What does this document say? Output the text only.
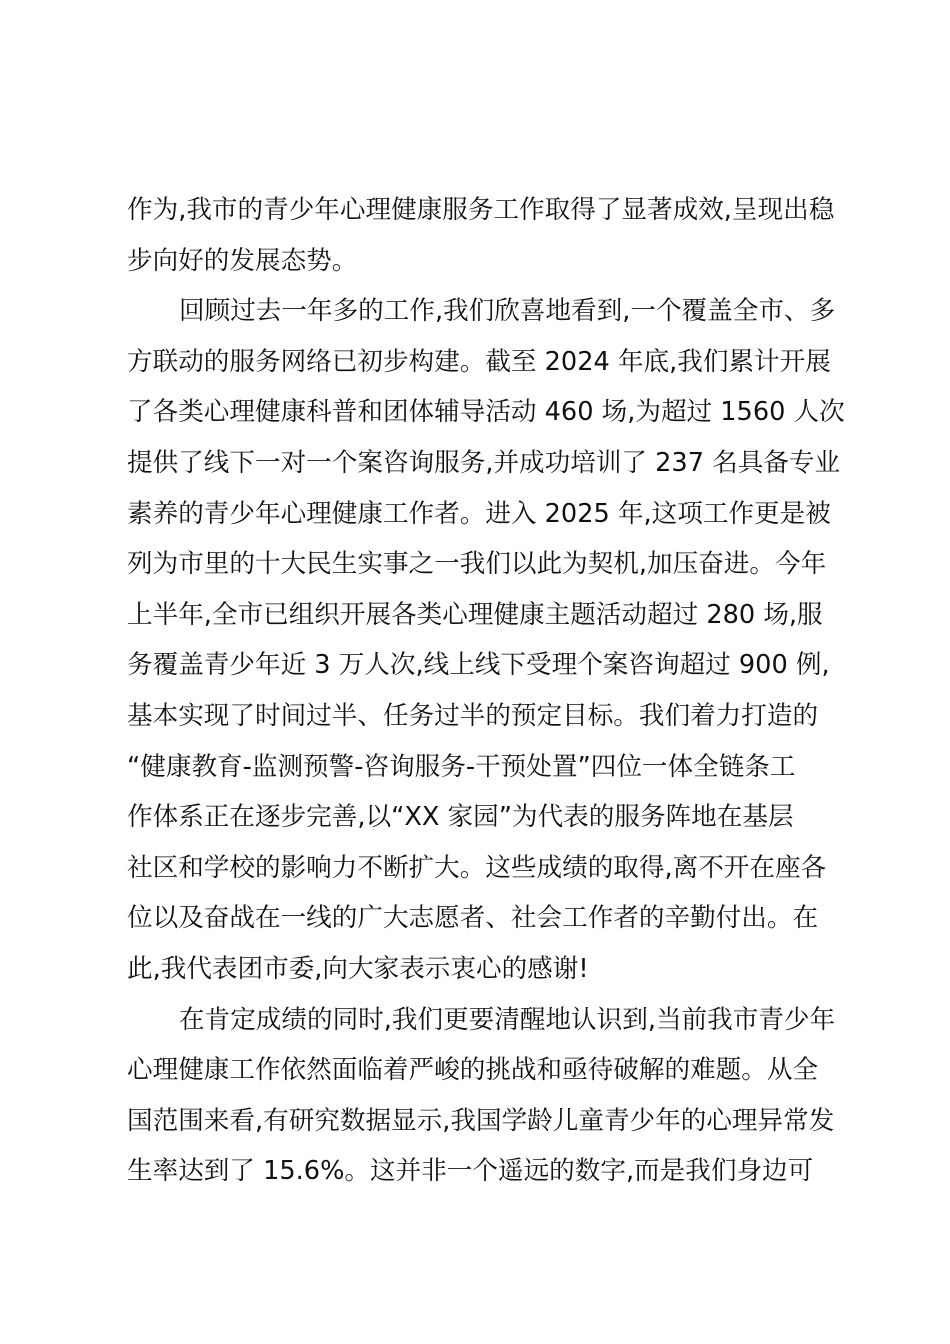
作为,我市的青少年心理健康服务工作取得了显著成效,呈现出稳
步向好的发展态势。
回顾过去一年多的工作,我们欣喜地看到,一个覆盖全市、多
方联动的服务网络已初步构建。截至 2024 年底,我们累计开展
了各类心理健康科普和团体辅导活动 460 场,为超过 1560 人次
提供了线下一对一个案咨询服务,并成功培训了 237 名具备专业
素养的青少年心理健康工作者。进入 2025 年,这项工作更是被
列为市里的十大民生实事之一我们以此为契机,加压奋进。今年
上半年,全市已组织开展各类心理健康主题活动超过 280 场,服
务覆盖青少年近 3 万人次,线上线下受理个案咨询超过 900 例,
基本实现了时间过半、任务过半的预定目标。我们着力打造的
“健康教育-监测预警-咨询服务-干预处置”四位一体全链条工
作体系正在逐步完善,以“XX 家园”为代表的服务阵地在基层
社区和学校的影响力不断扩大。这些成绩的取得,离不开在座各
位以及奋战在一线的广大志愿者、社会工作者的辛勤付出。在
此,我代表团市委,向大家表示衷心的感谢!
在肯定成绩的同时,我们更要清醒地认识到,当前我市青少年
心理健康工作依然面临着严峻的挑战和亟待破解的难题。从全
国范围来看,有研究数据显示,我国学龄儿童青少年的心理异常发
生率达到了 15.6%。这并非一个遥远的数字,而是我们身边可
